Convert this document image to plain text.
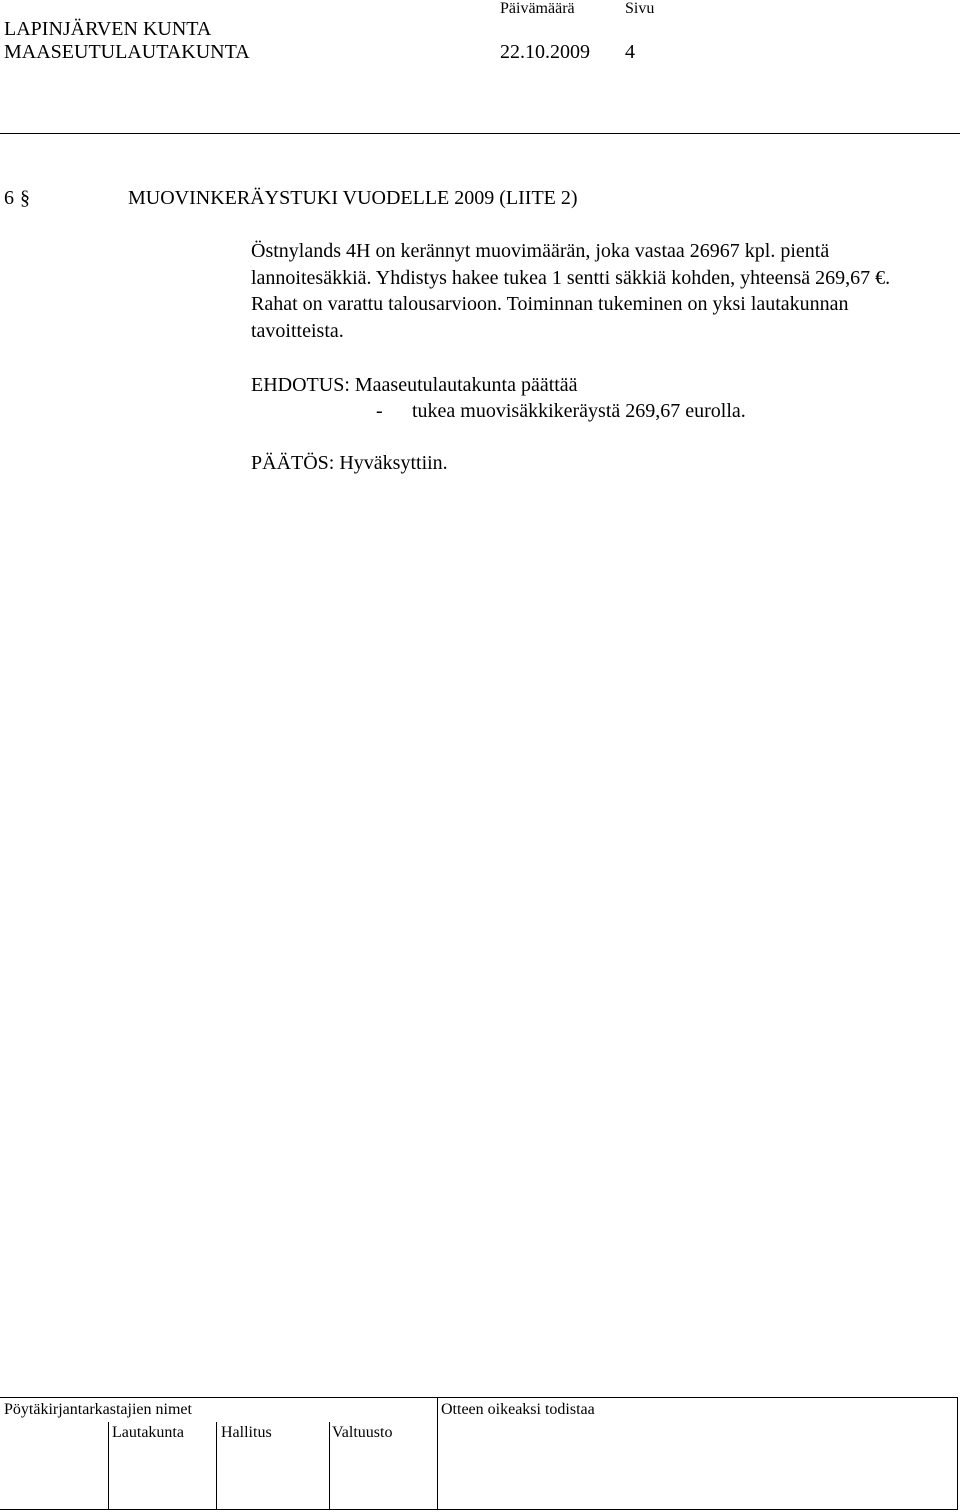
LAPINJÄRVEN KUNTA
MAASEUTULAUTAKUNTA
Päivämäärä	Sivu
22.10.2009 4
6 §	MUOVINKERÄYSTUKI VUODELLE 2009 (LIITE 2)
Östnylands 4H on kerännyt muovimäärän, joka vastaa 26967 kpl. pientä lannoitesäkkiä. Yhdistys hakee tukea 1 sentti säkkiä kohden, yhteensä 269,67 €. Rahat on varattu talousarvioon. Toiminnan tukeminen on yksi lautakunnan tavoitteista.
EHDOTUS: Maaseutulautakunta päättää
- tukea muovisäkkikeräystä 269,67 eurolla.
PÄÄTÖS: Hyväksyttiin.
Pöytäkirjantarkastajien nimet
Lautakunta Hallitus	Valtuusto
Otteen oikeaksi todistaa
